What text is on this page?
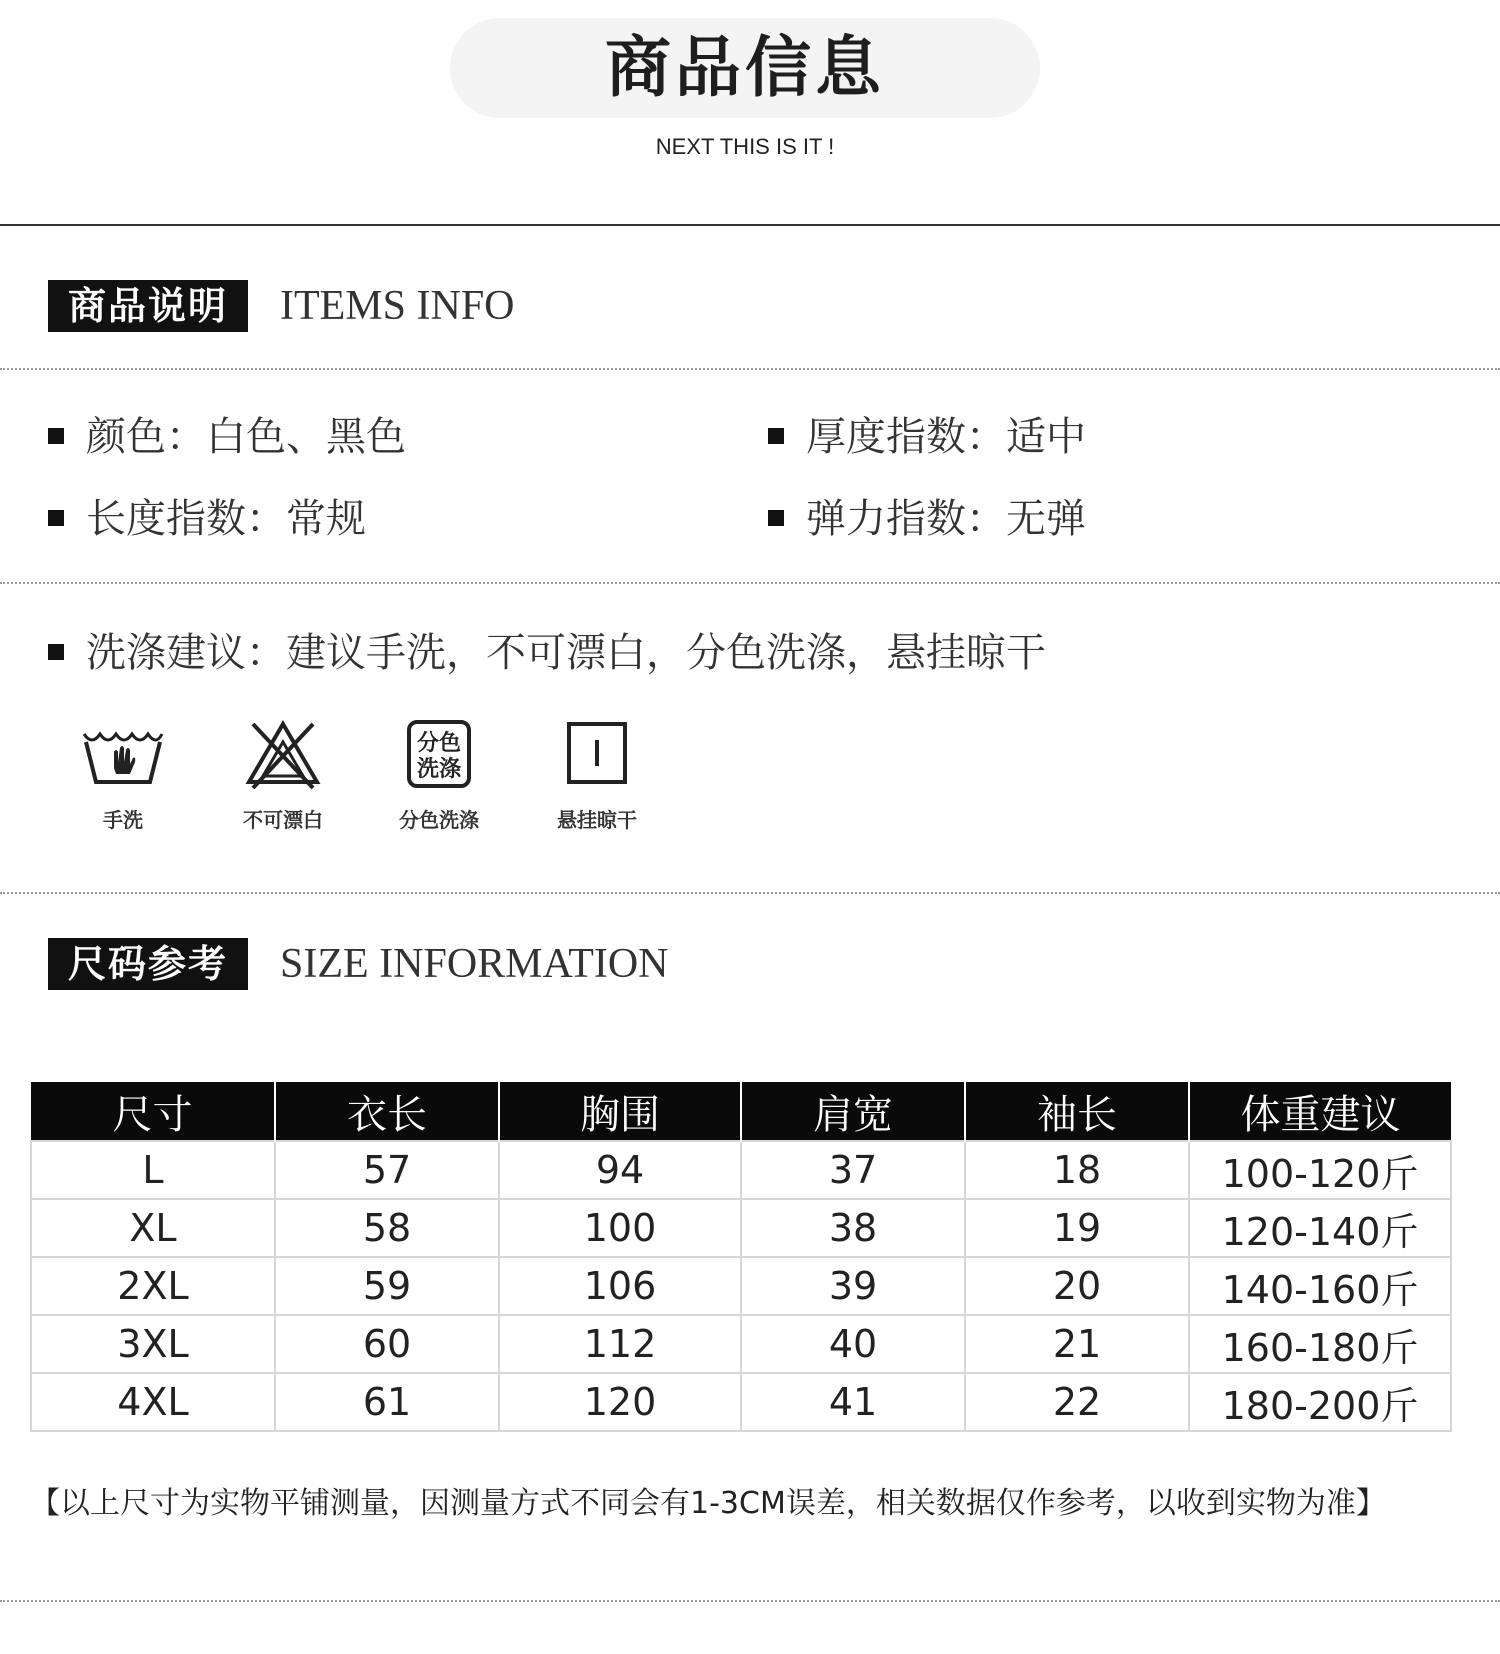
商品信息
NEXT THIS IS IT !
商品说明	ITEMS INFO
颜色：白色、黑色	厚度指数：适中
长度指数：常规	弹力指数：无弹
洗涤建议：建议手洗，不可漂白，分色洗涤，悬挂晾干
手洗	不可漂白
分色
洗涤
分色洗涤	悬挂晾干
尺码参考	SIZE INFORMATION
尺寸	衣长	胸围	肩宽	袖长	体重建议
L	57	94	37	18	100-120斤
XL	58	100	38	19	120-140斤
2XL	59	106	39	20	140-160斤
3XL	60	112	40	21	160-180斤
4XL	61	120	41	22	180-200斤
【以上尺寸为实物平铺测量，因测量方式不同会有1-3CM误差，相关数据仅作参考，以收到实物为准】
